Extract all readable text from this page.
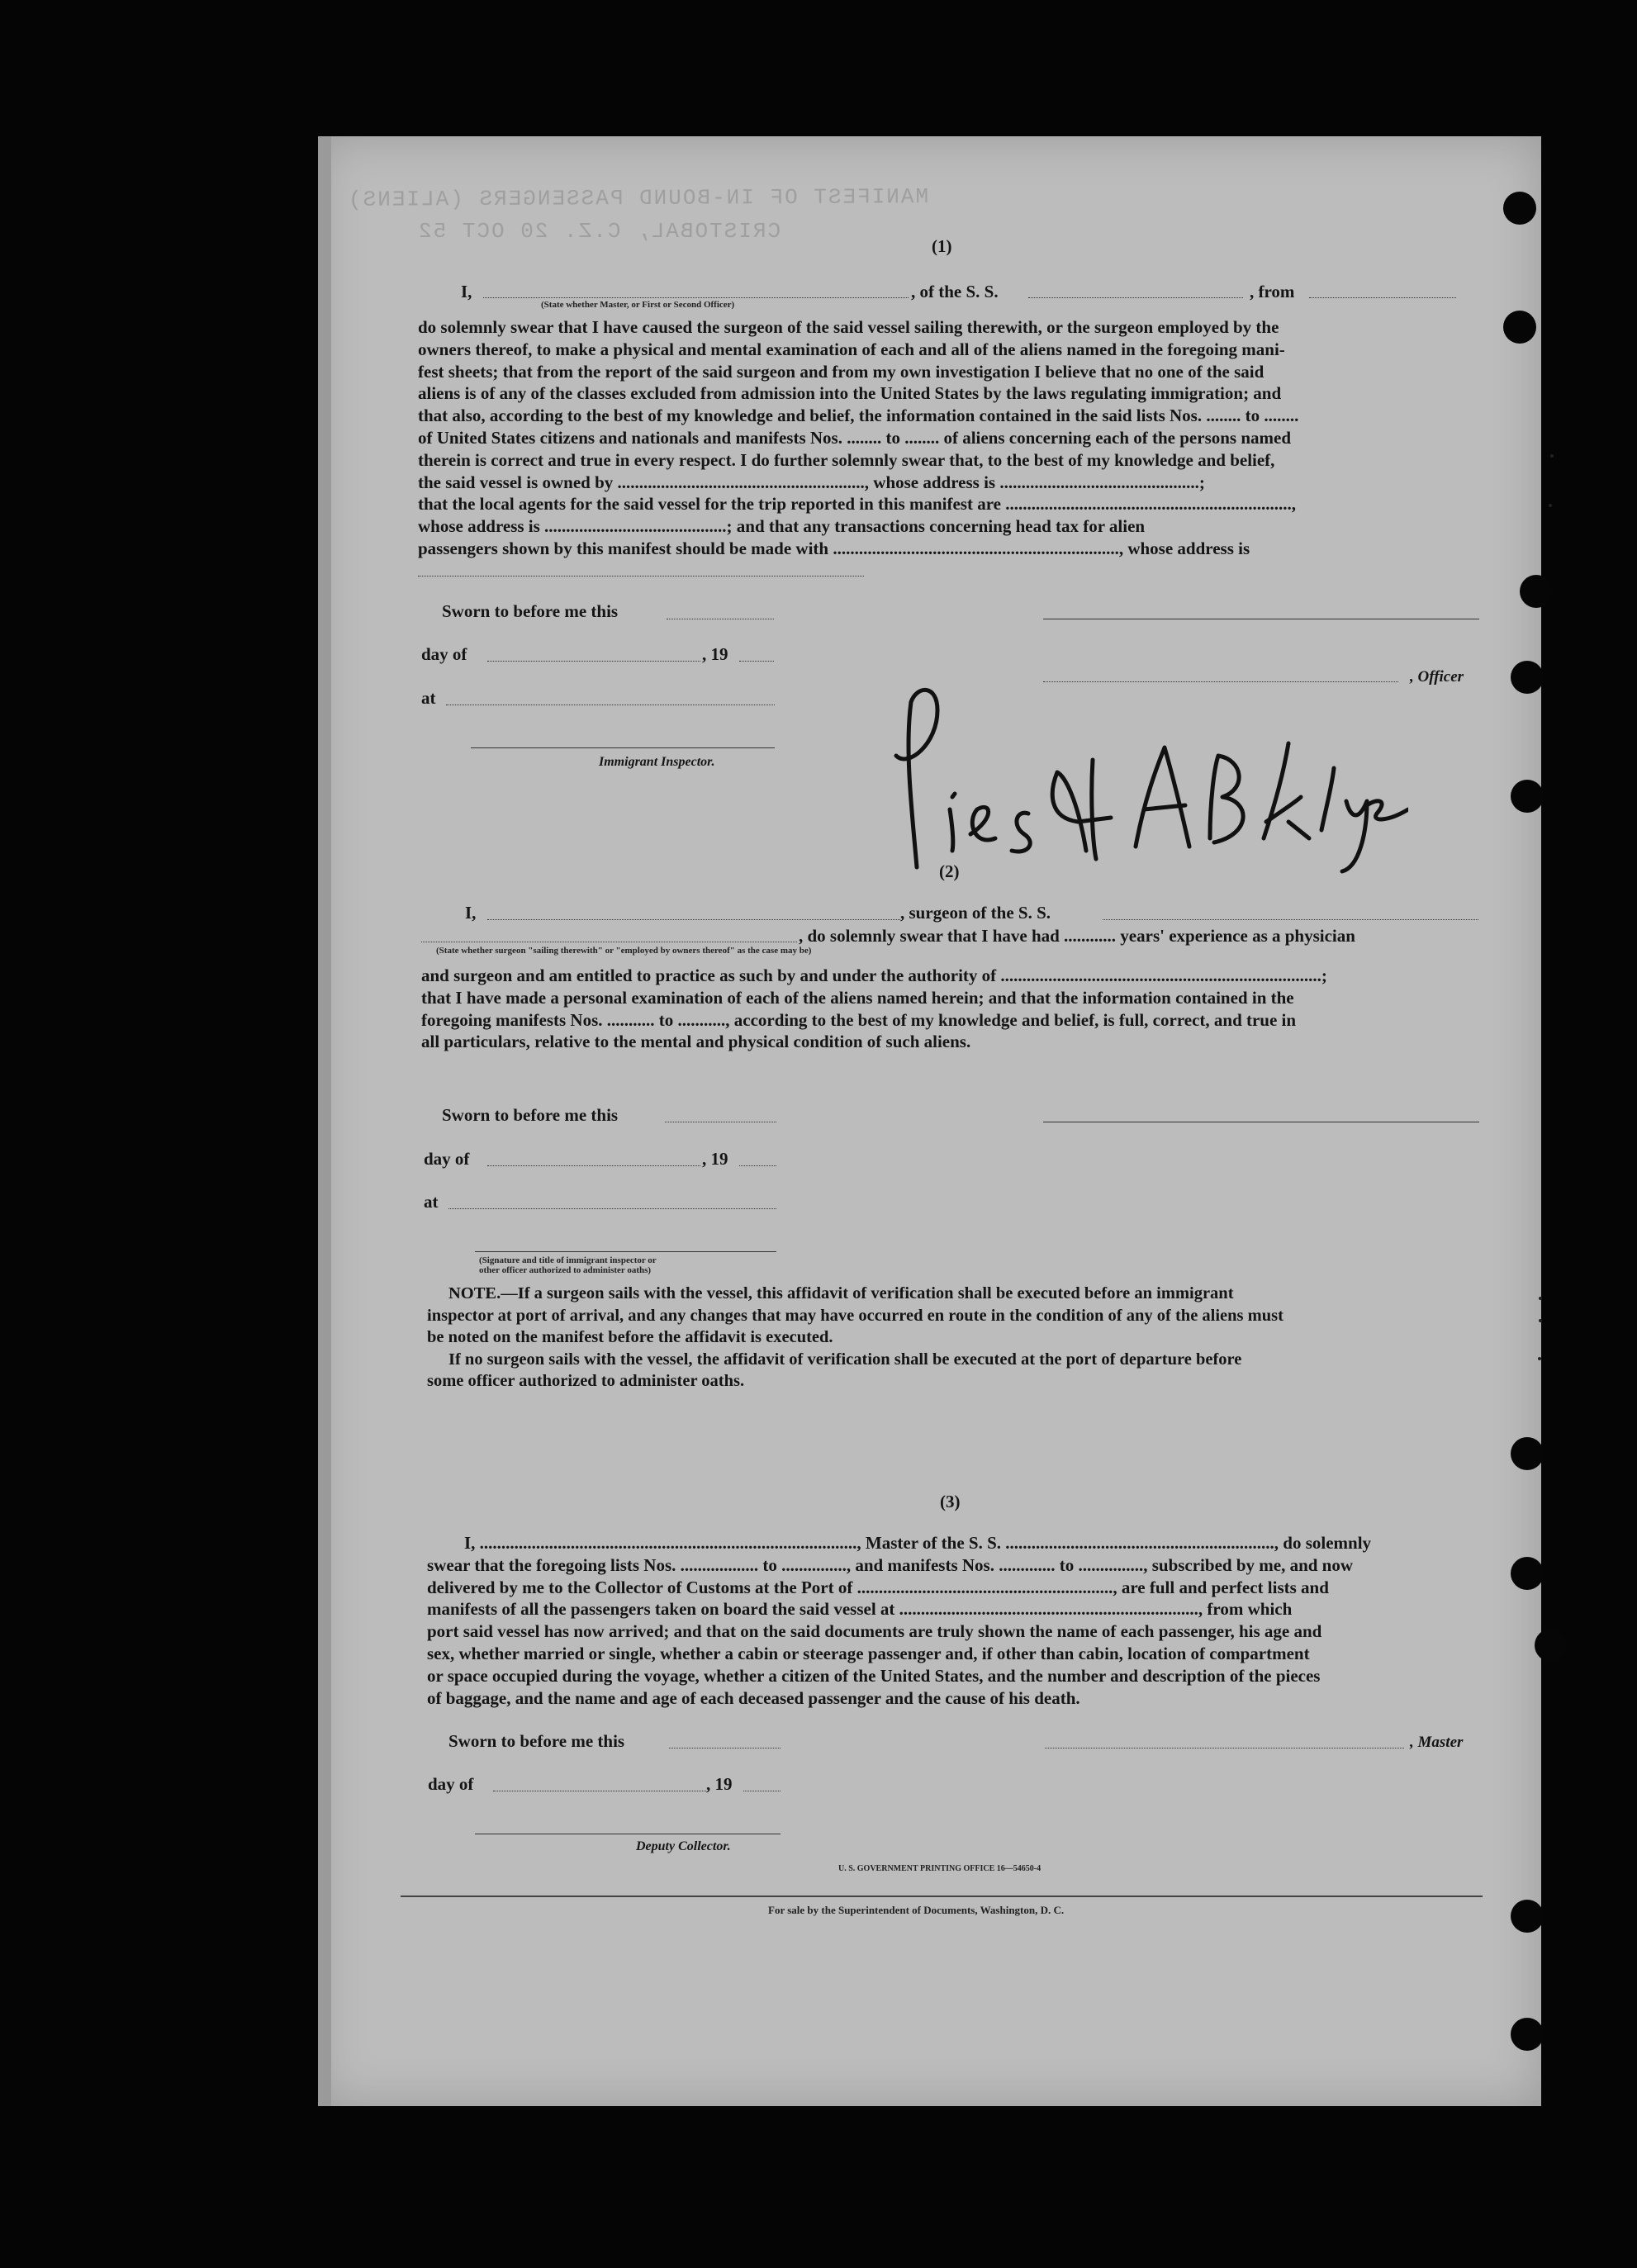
MANIFEST OF IN-BOUND PASSENGERS (ALIENS)
CRISTOBAL, C.Z. 20 OCT 52
(1)
I,	, of the S. S.	, from
(State whether Master, or First or Second Officer)
do solemnly swear that I have caused the surgeon of the said vessel sailing therewith, or the surgeon employed by the
owners thereof, to make a physical and mental examination of each and all of the aliens named in the foregoing mani-
fest sheets; that from the report of the said surgeon and from my own investigation I believe that no one of the said
aliens is of any of the classes excluded from admission into the United States by the laws regulating immigration; and
that also, according to the best of my knowledge and belief, the information contained in the said lists Nos. ........ to ........
of United States citizens and nationals and manifests Nos. ........ to ........ of aliens concerning each of the persons named
therein is correct and true in every respect. I do further solemnly swear that, to the best of my knowledge and belief,
the said vessel is owned by ........................................................., whose address is ..............................................;
that the local agents for the said vessel for the trip reported in this manifest are ..................................................................,
whose address is ..........................................; and that any transactions concerning head tax for alien
passengers shown by this manifest should be made with .................................................................., whose address is
Sworn to before me this
day of	, 19
at
, Officer
Immigrant Inspector.
(2)
I,	, surgeon of the S. S.
, do solemnly swear that I have had ............ years' experience as a physician
(State whether surgeon "sailing therewith" or "employed by owners thereof" as the case may be)
and surgeon and am entitled to practice as such by and under the authority of ..........................................................................;
that I have made a personal examination of each of the aliens named herein; and that the information contained in the
foregoing manifests Nos. ........... to ..........., according to the best of my knowledge and belief, is full, correct, and true in
all particulars, relative to the mental and physical condition of such aliens.
Sworn to before me this
day of	, 19
at
(Signature and title of immigrant inspector or
other officer authorized to administer oaths)
NOTE.—If a surgeon sails with the vessel, this affidavit of verification shall be executed before an immigrant
inspector at port of arrival, and any changes that may have occurred en route in the condition of any of the aliens must
be noted on the manifest before the affidavit is executed.
If no surgeon sails with the vessel, the affidavit of verification shall be executed at the port of departure before
some officer authorized to administer oaths.
(3)
I, ......................................................................................., Master of the S. S. .............................................................., do solemnly
swear that the foregoing lists Nos. .................. to ..............., and manifests Nos. ............. to ..............., subscribed by me, and now
delivered by me to the Collector of Customs at the Port of ..........................................................., are full and perfect lists and
manifests of all the passengers taken on board the said vessel at ....................................................................., from which
port said vessel has now arrived; and that on the said documents are truly shown the name of each passenger, his age and
sex, whether married or single, whether a cabin or steerage passenger and, if other than cabin, location of compartment
or space occupied during the voyage, whether a citizen of the United States, and the number and description of the pieces
of baggage, and the name and age of each deceased passenger and the cause of his death.
Sworn to before me this	, Master
day of	, 19
Deputy Collector.
U. S. GOVERNMENT PRINTING OFFICE 16—54650-4
For sale by the Superintendent of Documents, Washington, D. C.
